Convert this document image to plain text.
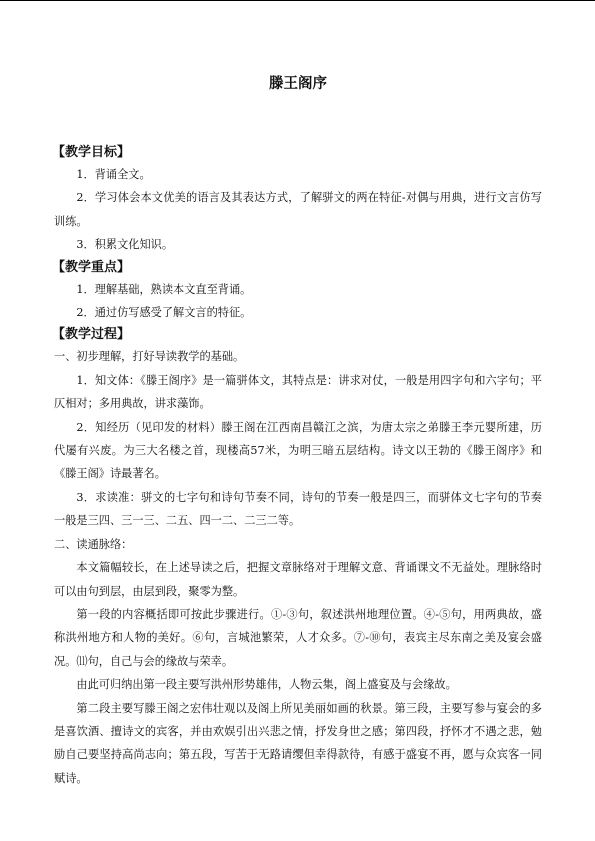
滕王阁序
【教学目标】

1．背诵全文。

2．学习体会本文优美的语言及其表达方式，了解骈文的两在特征-对偶与用典，进行文言仿写训练。

3．积累文化知识。

【教学重点】

1．理解基础，熟读本文直至背诵。

2．通过仿写感受了解文言的特征。

【教学过程】

一、初步理解，打好导读教学的基础。

1．知文体：《滕王阁序》是一篇骈体文，其特点是：讲求对仗，一般是用四字句和六字句；平仄相对；多用典故，讲求藻饰。

2．知经历（见印发的材料）滕王阁在江西南昌赣江之滨，为唐太宗之弟滕王李元婴所建，历代屡有兴废。为三大名楼之首，现楼高57米，为明三暗五层结构。诗文以王勃的《滕王阁序》和《滕王阁》诗最著名。

3．求读准：骈文的七字句和诗句节奏不同，诗句的节奏一般是四三，而骈体文七字句的节奏一般是三四、三一三、二五、四一二、二三二等。

二、读通脉络：

本文篇幅较长，在上述导读之后，把握文章脉络对于理解文意、背诵课文不无益处。理脉络时可以由句到层，由层到段，聚零为整。

第一段的内容概括即可按此步骤进行。①-③句，叙述洪州地理位置。④-⑤句，用两典故，盛称洪州地方和人物的美好。⑥句，言城池繁荣，人才众多。⑦-⑩句，表宾主尽东南之美及宴会盛况。⑾句，自己与会的缘故与荣幸。

由此可归纳出第一段主要写洪州形势雄伟，人物云集，阁上盛宴及与会缘故。

第二段主要写滕王阁之宏伟壮观以及阁上所见美丽如画的秋景。第三段，主要写参与宴会的多是喜饮酒、擅诗文的宾客，并由欢娱引出兴悲之情，抒发身世之感；第四段，抒怀才不遇之悲，勉励自己要坚持高尚志向；第五段，写苦于无路请缨但幸得款待，有感于盛宴不再，愿与众宾客一同赋诗。
